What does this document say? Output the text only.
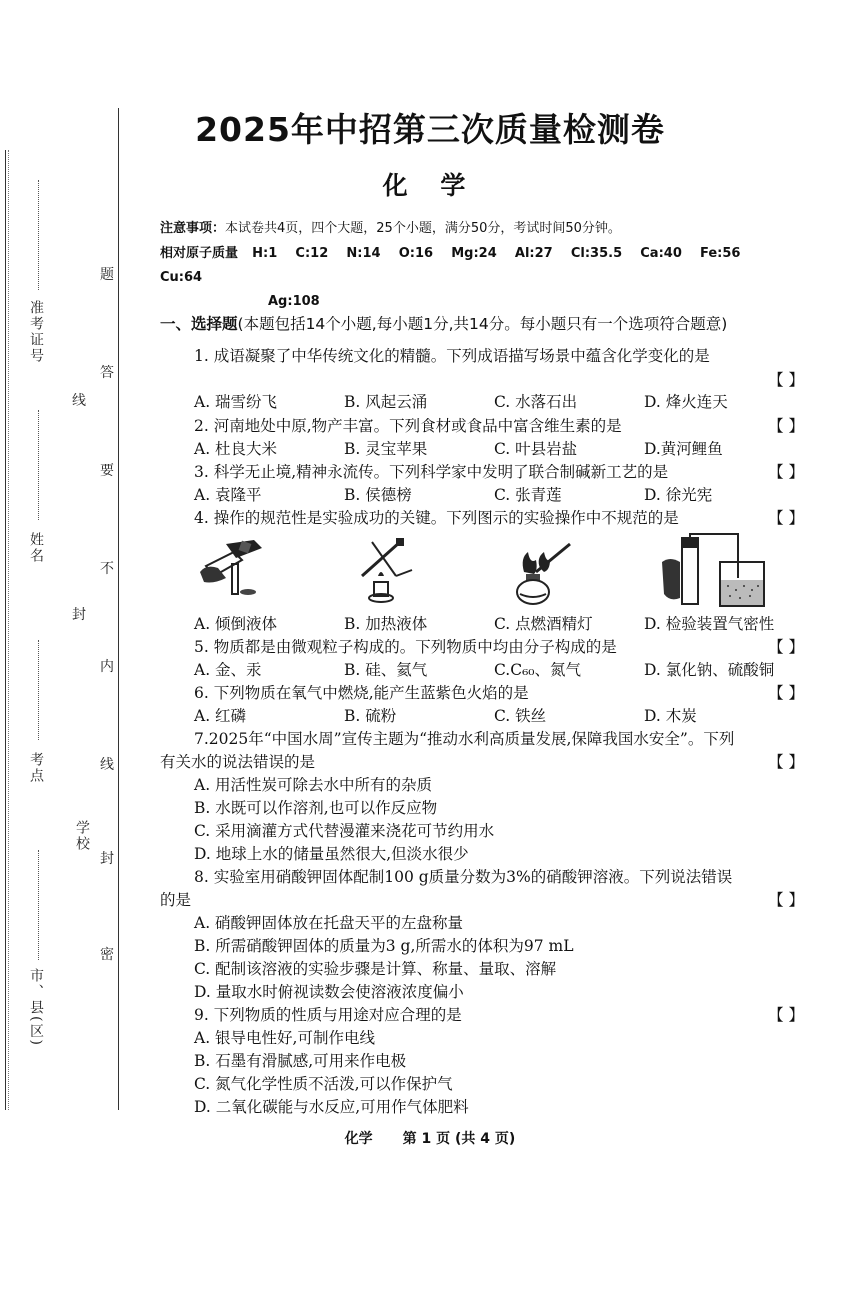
准考证号
姓名
考点
市、县(区)
学校
题
答
要
不
内
线
封
密
线
封
2025年中招第三次质量检测卷
化 学
注意事项：本试卷共4页，四个大题，25个小题，满分50分，考试时间50分钟。
相对原子质量 H:1 C:12 N:14 O:16 Mg:24 Al:27 Cl:35.5 Ca:40 Fe:56 Cu:64
Ag:108
一、选择题(本题包括14个小题,每小题1分,共14分。每小题只有一个选项符合题意)
1. 成语凝聚了中华传统文化的精髓。下列成语描写场景中蕴含化学变化的是
【 】
A. 瑞雪纷飞	B. 风起云涌	C. 水落石出	D. 烽火连天
2. 河南地处中原,物产丰富。下列食材或食品中富含维生素的是	【 】
A. 杜良大米	B. 灵宝苹果	C. 叶县岩盐	D.黄河鲤鱼
3. 科学无止境,精神永流传。下列科学家中发明了联合制碱新工艺的是	【 】
A. 袁隆平	B. 侯德榜	C. 张青莲	D. 徐光宪
4. 操作的规范性是实验成功的关键。下列图示的实验操作中不规范的是	【 】
A. 倾倒液体	B. 加热液体	C. 点燃酒精灯	D. 检验装置气密性
5. 物质都是由微观粒子构成的。下列物质中均由分子构成的是	【 】
A. 金、汞	B. 硅、氦气	C.C₆₀、氮气	D. 氯化钠、硫酸铜
6. 下列物质在氧气中燃烧,能产生蓝紫色火焰的是	【 】
A. 红磷	B. 硫粉	C. 铁丝	D. 木炭
7.2025年“中国水周”宣传主题为“推动水利高质量发展,保障我国水安全”。下列
有关水的说法错误的是	【 】
A. 用活性炭可除去水中所有的杂质
B. 水既可以作溶剂,也可以作反应物
C. 采用滴灌方式代替漫灌来浇花可节约用水
D. 地球上水的储量虽然很大,但淡水很少
8. 实验室用硝酸钾固体配制100 g质量分数为3%的硝酸钾溶液。下列说法错误
的是	【 】
A. 硝酸钾固体放在托盘天平的左盘称量
B. 所需硝酸钾固体的质量为3 g,所需水的体积为97 mL
C. 配制该溶液的实验步骤是计算、称量、量取、溶解
D. 量取水时俯视读数会使溶液浓度偏小
9. 下列物质的性质与用途对应合理的是	【 】
A. 银导电性好,可制作电线
B. 石墨有滑腻感,可用来作电极
C. 氮气化学性质不活泼,可以作保护气
D. 二氧化碳能与水反应,可用作气体肥料
化学 第 1 页 (共 4 页)
